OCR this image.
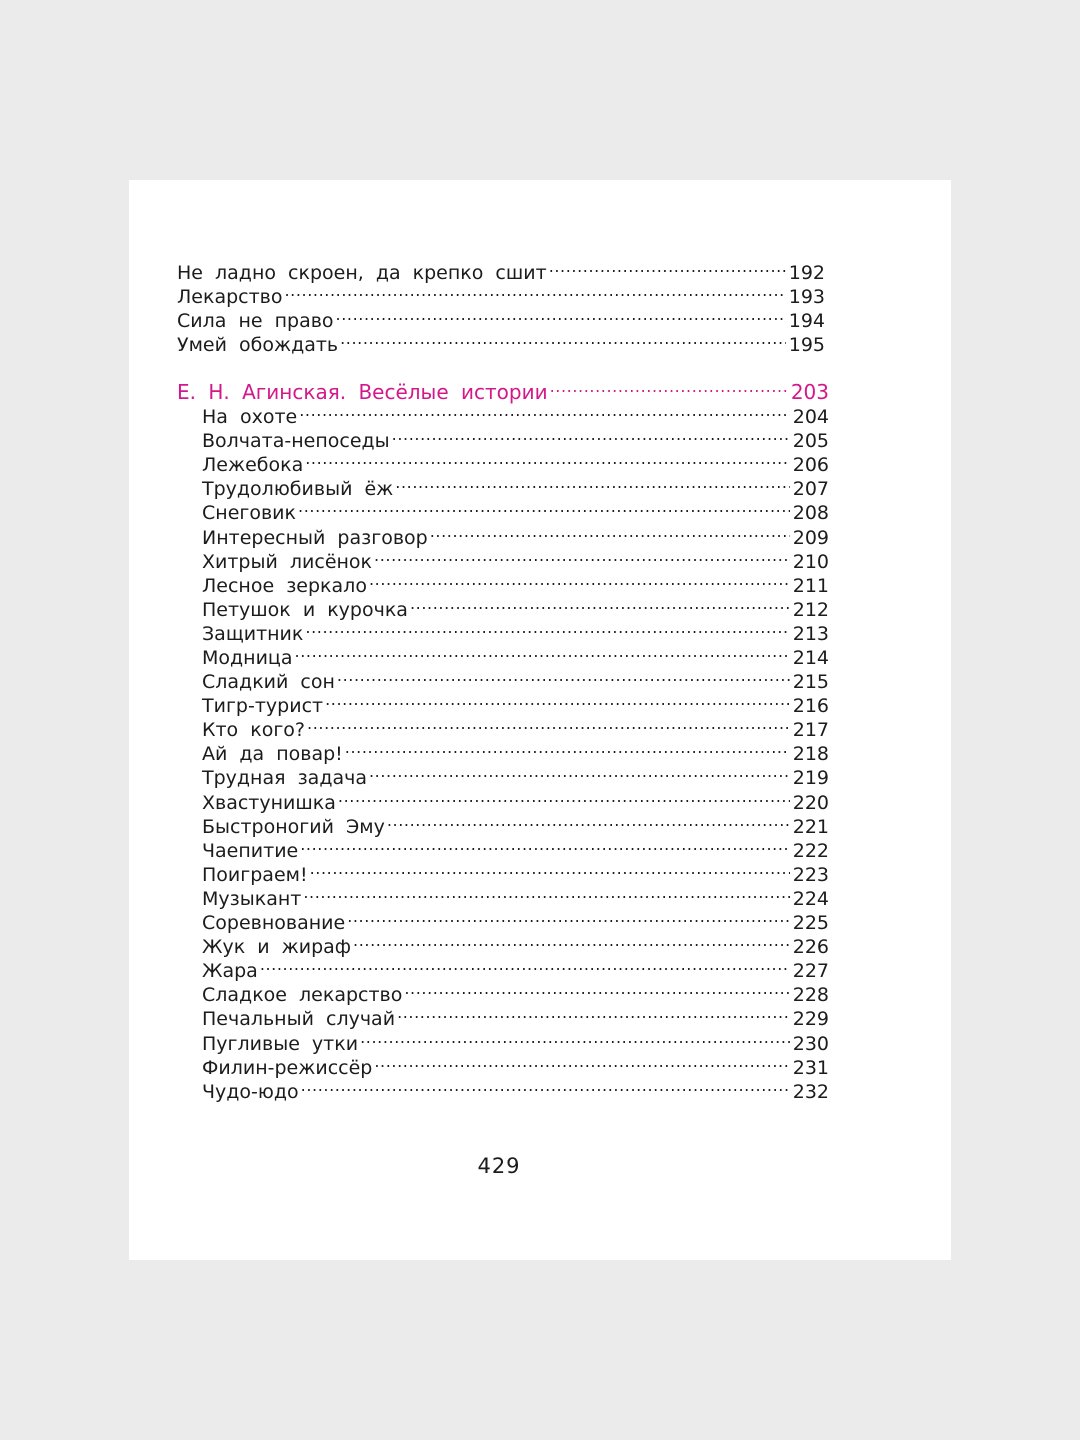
Не ладно скроен, да крепко сшит .....	192
Лекарство .....	193
Сила не право .....	194
Умей обождать .....	195
Е. Н. Агинская. Весёлые истории .....	203
На охоте .....	204
Волчата-непоседы .....	205
Лежебока .....	206
Трудолюбивый ёж .....	207
Снеговик .....	208
Интересный разговор .....	209
Хитрый лисёнок .....	210
Лесное зеркало .....	211
Петушок и курочка .....	212
Защитник .....	213
Модница .....	214
Сладкий сон .....	215
Тигр-турист .....	216
Кто кого? .....	217
Ай да повар! .....	218
Трудная задача .....	219
Хвастунишка .....	220
Быстроногий Эму .....	221
Чаепитие .....	222
Поиграем! .....	223
Музыкант .....	224
Соревнование .....	225
Жук и жираф .....	226
Жара .....	227
Сладкое лекарство .....	228
Печальный случай .....	229
Пугливые утки .....	230
Филин-режиссёр .....	231
Чудо-юдо .....	232
429
